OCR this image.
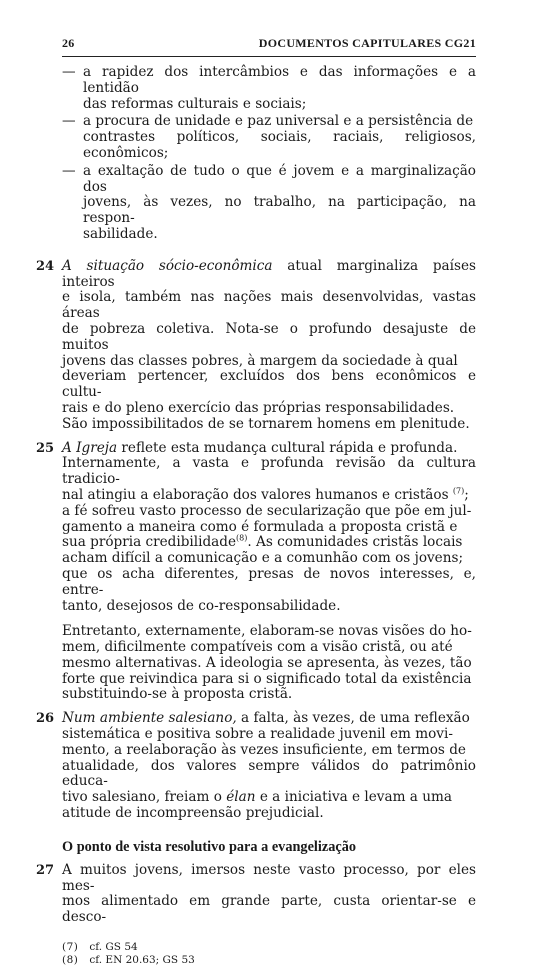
26	DOCUMENTOS CAPITULARES CG21

— a rapidez dos intercâmbios e das informações e a lentidão
das reformas culturais e sociais;

— a procura de unidade e paz universal e a persistência de
contrastes políticos, sociais, raciais, religiosos, econômicos;

— a exaltação de tudo o que é jovem e a marginalização dos
jovens, às vezes, no trabalho, na participação, na respon-
sabilidade.

24 A situação sócio-econômica atual marginaliza países inteiros
e isola, também nas nações mais desenvolvidas, vastas áreas
de pobreza coletiva. Nota-se o profundo desajuste de muitos
jovens das classes pobres, à margem da sociedade à qual
deveriam pertencer, excluídos dos bens econômicos e cultu-
rais e do pleno exercício das próprias responsabilidades.
São impossibilitados de se tornarem homens em plenitude.
25 A Igreja reflete esta mudança cultural rápida e profunda.
Internamente, a vasta e profunda revisão da cultura tradicio-
nal atingiu a elaboração dos valores humanos e cristãos $^{(7)}$;
a fé sofreu vasto processo de secularização que põe em jul-
gamento a maneira como é formulada a proposta cristã e
sua própria credibilidade$^{(8)}$. As comunidades cristãs locais
acham difícil a comunicação e a comunhão com os jovens;
que os acha diferentes, presas de novos interesses, e, entre-
tanto, desejosos de co-responsabilidade.
Entretanto, externamente, elaboram-se novas visões do ho-
mem, dificilmente compatíveis com a visão cristã, ou até
mesmo alternativas. A ideologia se apresenta, às vezes, tão
forte que reivindica para si o significado total da existência
substituindo-se à proposta cristã.
26 Num ambiente salesiano, a falta, às vezes, de uma reflexão
sistemática e positiva sobre a realidade juvenil em movi-
mento, a reelaboração às vezes insuficiente, em termos de
atualidade, dos valores sempre válidos do patrimônio educa-
tivo salesiano, freiam o élan e a iniciativa e levam a uma
atitude de incompreensão prejudicial.

O ponto de vista resolutivo para a evangelização

27 A muitos jovens, imersos neste vasto processo, por eles mes-
mos alimentado em grande parte, custa orientar-se e desco-
(7) cf. GS 54
(8) cf. EN 20.63; GS 53
